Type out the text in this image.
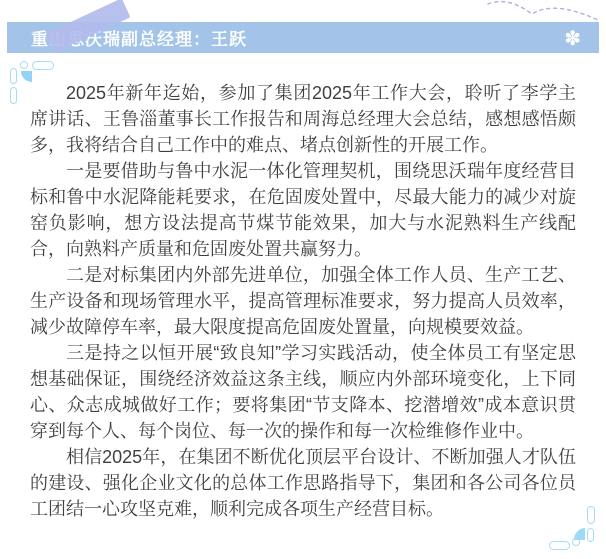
重山思沃瑞副总经理：王跃	✽

2025年新年迄始，参加了集团2025年工作大会，聆听了李学主席讲话、王鲁淄董事长工作报告和周海总经理大会总结，感想感悟颇多，我将结合自己工作中的难点、堵点创新性的开展工作。

一是要借助与鲁中水泥一体化管理契机，围绕思沃瑞年度经营目标和鲁中水泥降能耗要求，在危固废处置中，尽最大能力的减少对旋窑负影响，想方设法提高节煤节能效果，加大与水泥熟料生产线配合，向熟料产质量和危固废处置共赢努力。

二是对标集团内外部先进单位，加强全体工作人员、生产工艺、生产设备和现场管理水平，提高管理标准要求，努力提高人员效率，减少故障停车率，最大限度提高危固废处置量，向规模要效益。

三是持之以恒开展“致良知”学习实践活动，使全体员工有坚定思想基础保证，围绕经济效益这条主线，顺应内外部环境变化，上下同心、众志成城做好工作；要将集团“节支降本、挖潜增效”成本意识贯穿到每个人、每个岗位、每一次的操作和每一次检维修作业中。

相信2025年，在集团不断优化顶层平台设计、不断加强人才队伍的建设、强化企业文化的总体工作思路指导下，集团和各公司各位员工团结一心攻坚克难，顺利完成各项生产经营目标。
